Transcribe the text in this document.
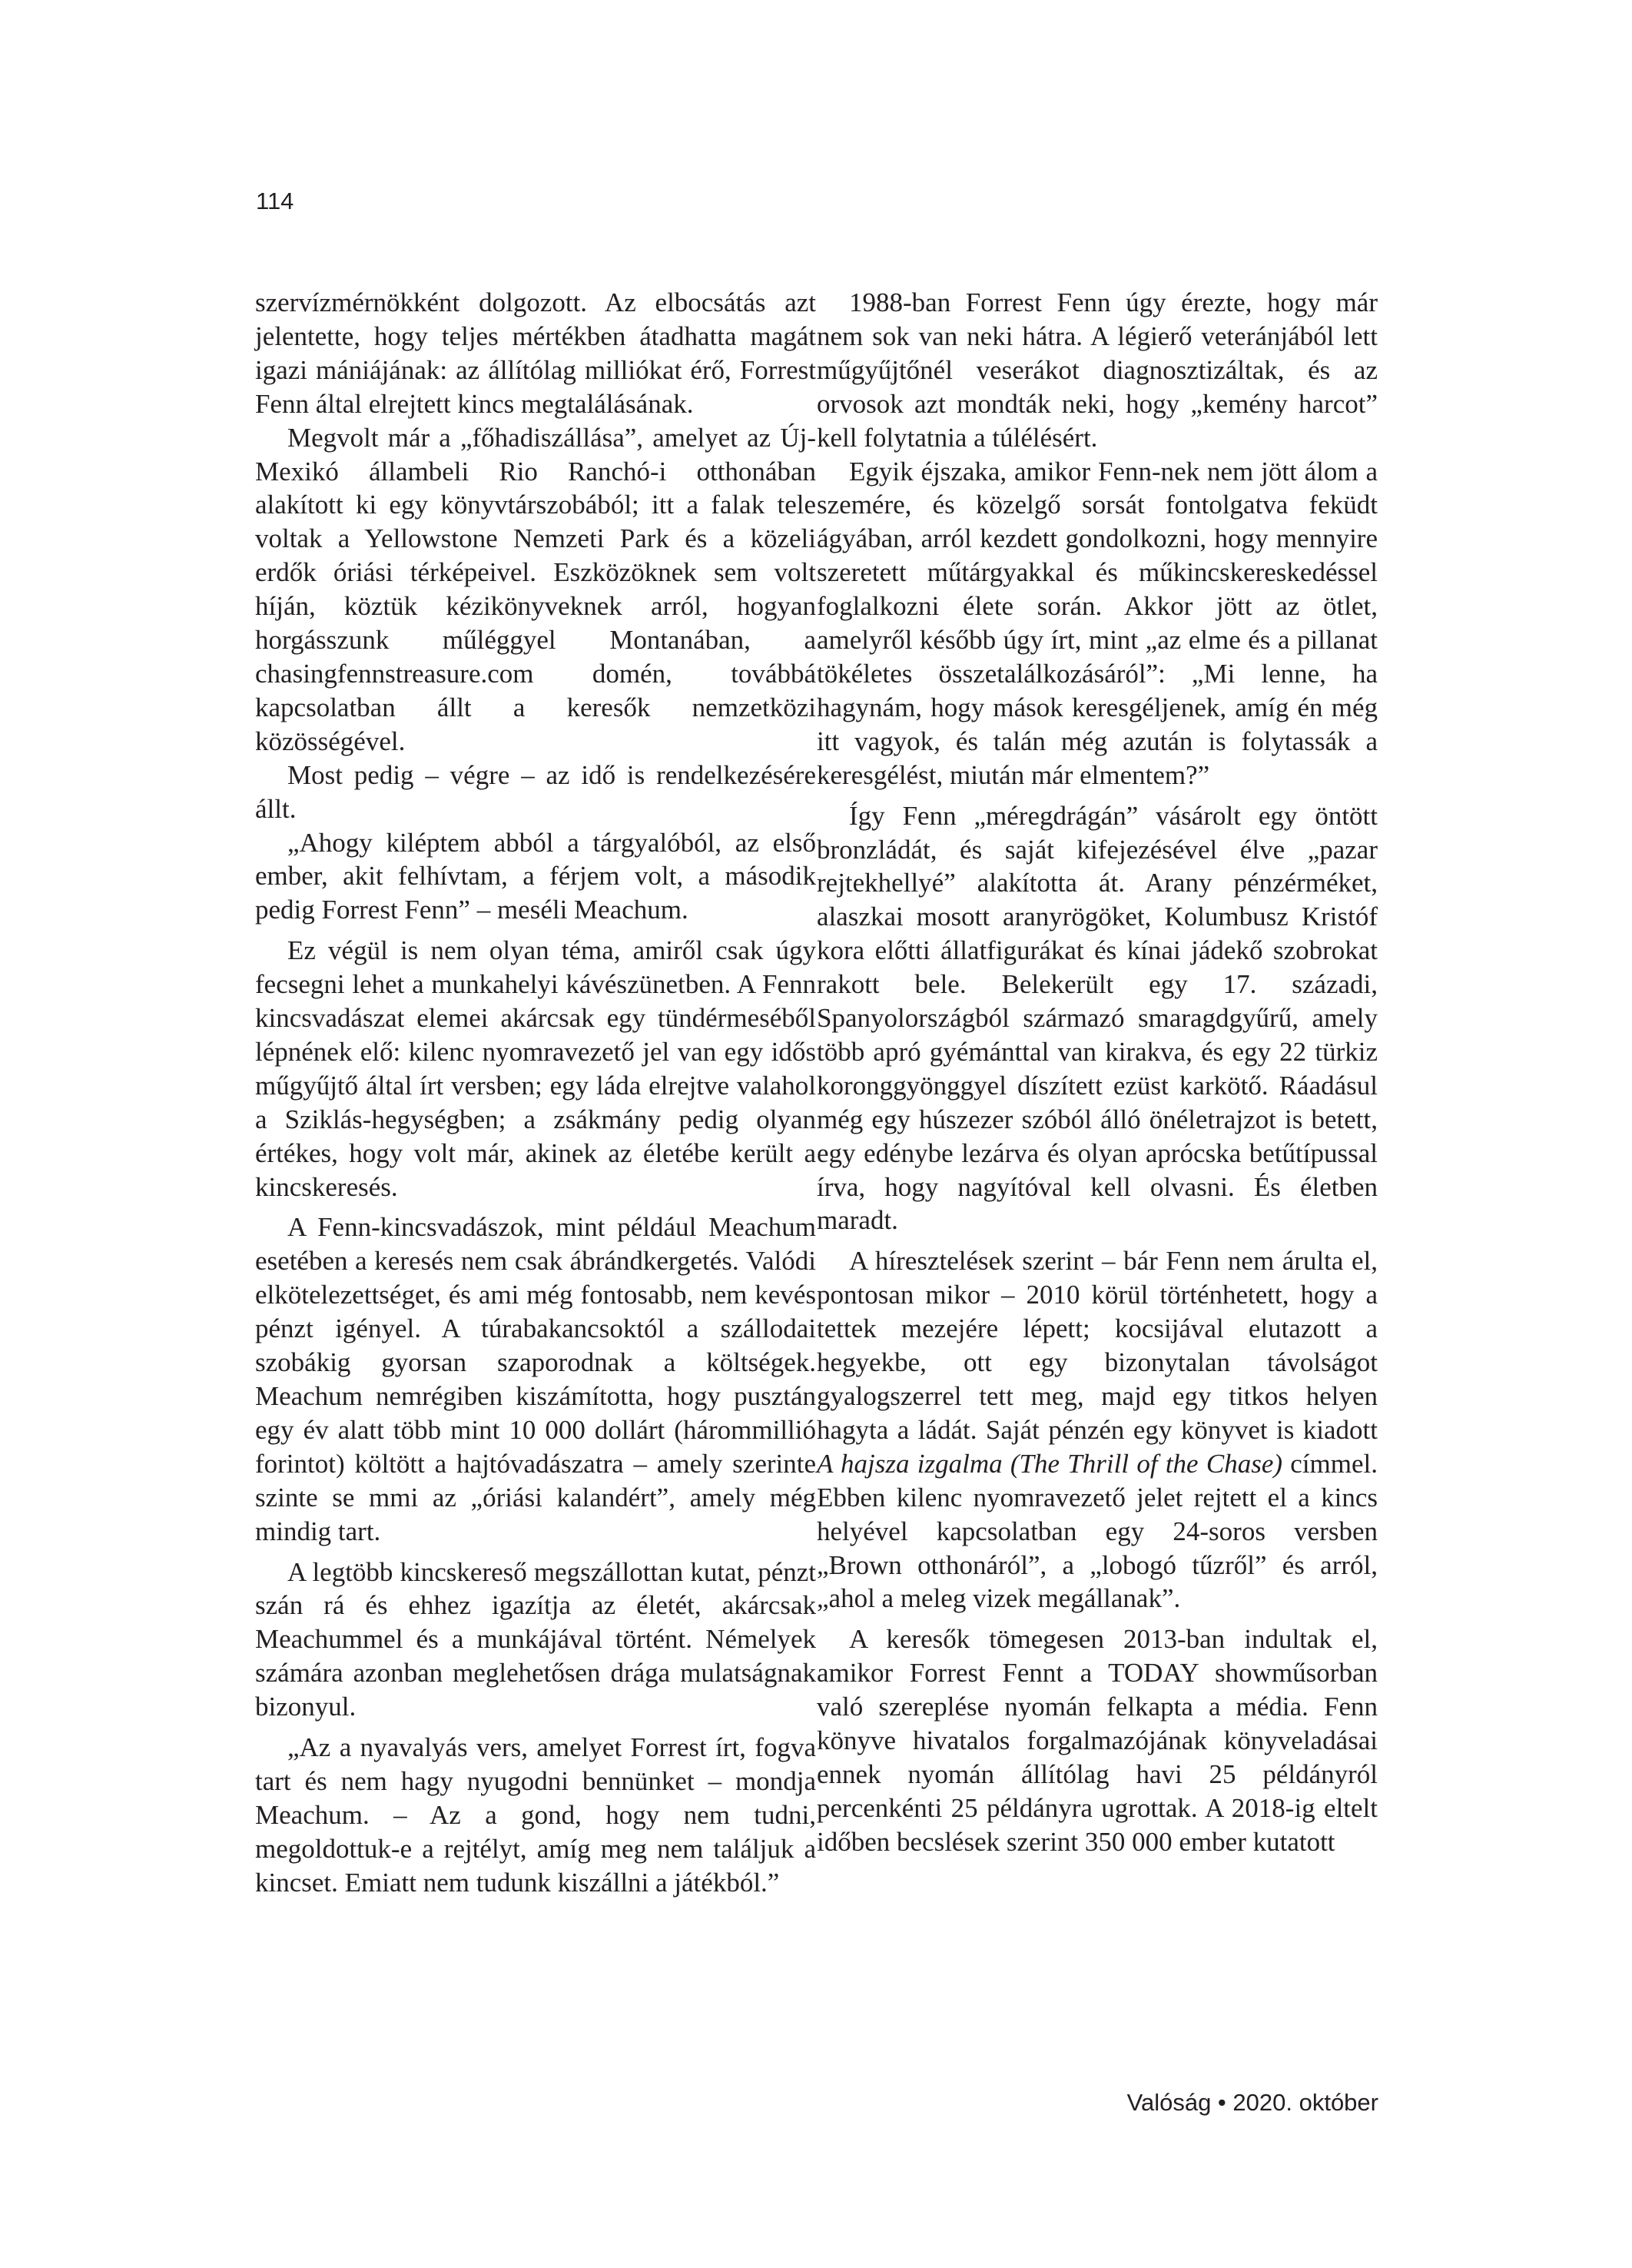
114

szervízmérnökként dolgozott. Az elbocsátás azt jelentette, hogy teljes mértékben átadhatta magát igazi mániájának: az állítólag milliókat érő, Forrest Fenn által elrejtett kincs megtalálásának.

Megvolt már a „főhadiszállása”, amelyet az Új-Mexikó állambeli Rio Ranchó-i otthonában alakított ki egy könyvtárszobából; itt a falak tele voltak a Yellowstone Nemzeti Park és a közeli erdők óriási térképeivel. Eszközöknek sem volt híján, köztük kézikönyveknek arról, hogyan horgásszunk műléggyel Montanában, a chasingfennstreasure.com domén, továbbá kapcsolatban állt a keresők nemzetközi közösségével.

Most pedig – végre – az idő is rendelkezésére állt.

„Ahogy kiléptem abból a tárgyalóból, az első ember, akit felhívtam, a férjem volt, a második pedig Forrest Fenn” – meséli Meachum.

Ez végül is nem olyan téma, amiről csak úgy fecsegni lehet a munkahelyi kávészünetben. A Fenn kincsvadászat elemei akárcsak egy tündérmeséből lépnének elő: kilenc nyomravezető jel van egy idős műgyűjtő által írt versben; egy láda elrejtve valahol a Sziklás-hegységben; a zsákmány pedig olyan értékes, hogy volt már, akinek az életébe került a kincskeresés.

A Fenn-kincsvadászok, mint például Meachum esetében a keresés nem csak ábrándkergetés. Valódi elkötelezettséget, és ami még fontosabb, nem kevés pénzt igényel. A túrabakancsoktól a szállodai szobákig gyorsan szaporodnak a költségek. Meachum nemrégiben kiszámította, hogy pusztán egy év alatt több mint 10 000 dollárt (hárommillió forintot) költött a hajtóvadászatra – amely szerinte szinte se mmi az „óriási kalandért”, amely még mindig tart.

A legtöbb kincskereső megszállottan kutat, pénzt szán rá és ehhez igazítja az életét, akárcsak Meachummel és a munkájával történt. Némelyek számára azonban meglehetősen drága mulatságnak bizonyul.

„Az a nyavalyás vers, amelyet Forrest írt, fogva tart és nem hagy nyugodni bennünket – mondja Meachum. – Az a gond, hogy nem tudni, megoldottuk-e a rejtélyt, amíg meg nem találjuk a kincset. Emiatt nem tudunk kiszállni a játékból.”

1988-ban Forrest Fenn úgy érezte, hogy már nem sok van neki hátra. A légierő veteránjából lett műgyűjtőnél veserákot diagnosztizáltak, és az orvosok azt mondták neki, hogy „kemény harcot” kell folytatnia a túlélésért.

Egyik éjszaka, amikor Fenn-nek nem jött álom a szemére, és közelgő sorsát fontolgatva feküdt ágyában, arról kezdett gondolkozni, hogy mennyire szeretett műtárgyakkal és műkincskereskedéssel foglalkozni élete során. Akkor jött az ötlet, amelyről később úgy írt, mint „az elme és a pillanat tökéletes összetalálkozásáról”: „Mi lenne, ha hagynám, hogy mások keresgéljenek, amíg én még itt vagyok, és talán még azután is folytassák a keresgélést, miután már elmentem?”

Így Fenn „méregdrágán” vásárolt egy öntött bronzládát, és saját kifejezésével élve „pazar rejtekhellyé” alakította át. Arany pénzérméket, alaszkai mosott aranyrögöket, Kolumbusz Kristóf kora előtti állatfigurákat és kínai jádekő szobrokat rakott bele. Belekerült egy 17. századi, Spanyolországból származó smaragdgyűrű, amely több apró gyémánttal van kirakva, és egy 22 türkiz koronggyönggyel díszített ezüst karkötő. Ráadásul még egy húszezer szóból álló önéletrajzot is betett, egy edénybe lezárva és olyan aprócska betűtípussal írva, hogy nagyítóval kell olvasni. És életben maradt.

A híresztelések szerint – bár Fenn nem árulta el, pontosan mikor – 2010 körül történhetett, hogy a tettek mezejére lépett; kocsijával elutazott a hegyekbe, ott egy bizonytalan távolságot gyalogszerrel tett meg, majd egy titkos helyen hagyta a ládát. Saját pénzén egy könyvet is kiadott A hajsza izgalma (The Thrill of the Chase) címmel. Ebben kilenc nyomravezető jelet rejtett el a kincs helyével kapcsolatban egy 24-soros versben „Brown otthonáról”, a „lobogó tűzről” és arról, „ahol a meleg vizek megállanak”.

A keresők tömegesen 2013-ban indultak el, amikor Forrest Fennt a TODAY showműsorban való szereplése nyomán felkapta a média. Fenn könyve hivatalos forgalmazójának könyveladásai ennek nyomán állítólag havi 25 példányról percenkénti 25 példányra ugrottak. A 2018-ig eltelt időben becslések szerint 350 000 ember kutatott

Valóság • 2020. október
